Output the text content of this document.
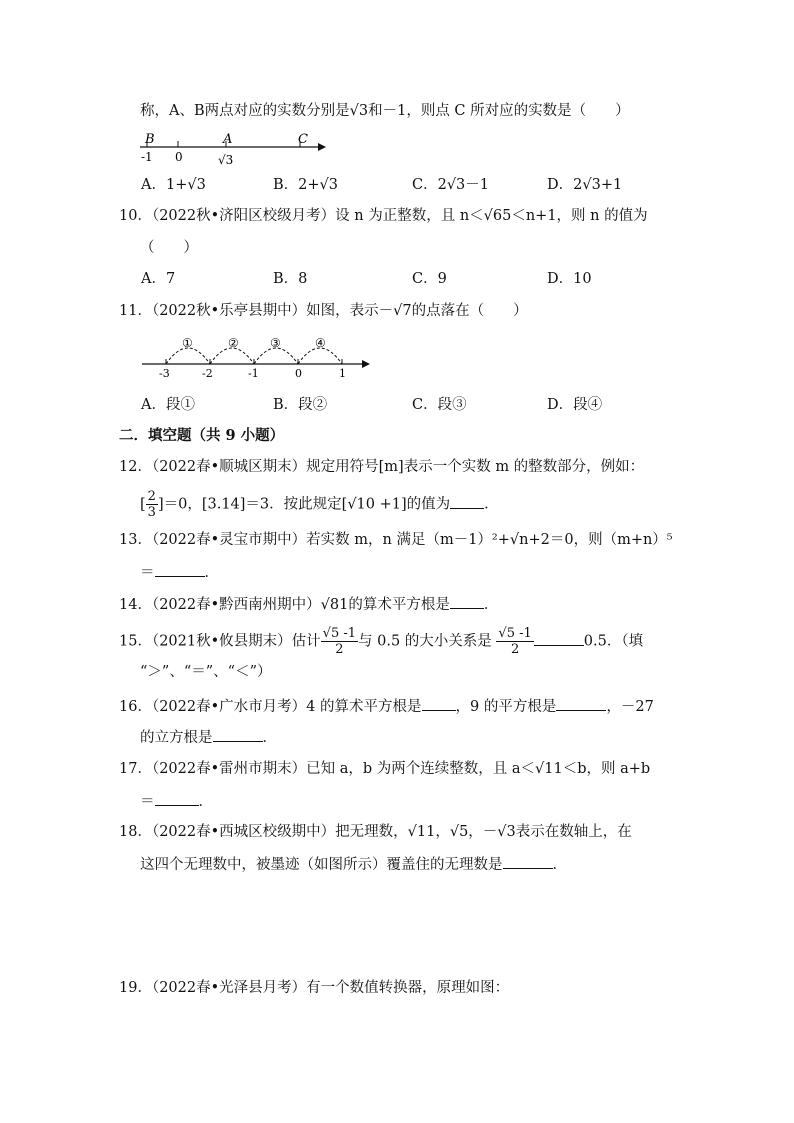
称，A、B两点对应的实数分别是√3和－1，则点 C 所对应的实数是（　　）
B	A	C
-1 0	√3
A．1+√3	B．2+√3	C．2√3－1	D．2√3+1
10．（2022秋•济阳区校级月考）设 n 为正整数，且 n＜√65＜n+1，则 n 的值为
（　　）
A．7	B．8	C．9	D．10
11．（2022秋•乐亭县期中）如图，表示－√7的点落在（　　）
①	②	③	④
-3	-2	-1	0	1
A．段①	B．段②	C．段③	D．段④
二．填空题（共 9 小题）
12．（2022春•顺城区期末）规定用符号[m]表示一个实数 m 的整数部分，例如：
[ $\frac{2}{3} ]=0$，[3.14]＝3．按此规定[√10 +1]的值为 ．
13．（2022春•灵宝市期中）若实数 m，n 满足（m－1）²+√n+2＝0，则（m+n）⁵
＝	．
14．（2022春•黔西南州期中）√81的算术平方根是 ．
15．（2021秋•攸县期末）估计 $\frac{√5 -1}{2}$ 与 0.5 的大小关系是 $\frac{√5 -1}{2}$	0.5．（填
“＞”、“＝”、“＜”）
16．（2022春•广水市月考）4 的算术平方根是 ，9 的平方根是	，－27
的立方根是	．
17．（2022春•雷州市期末）已知 a，b 为两个连续整数，且 a＜√11＜b，则 a+b
＝	．
18．（2022春•西城区校级期中）把无理数，√11，√5，－√3表示在数轴上，在
这四个无理数中，被墨迹（如图所示）覆盖住的无理数是	．
19．（2022春•光泽县月考）有一个数值转换器，原理如图：
